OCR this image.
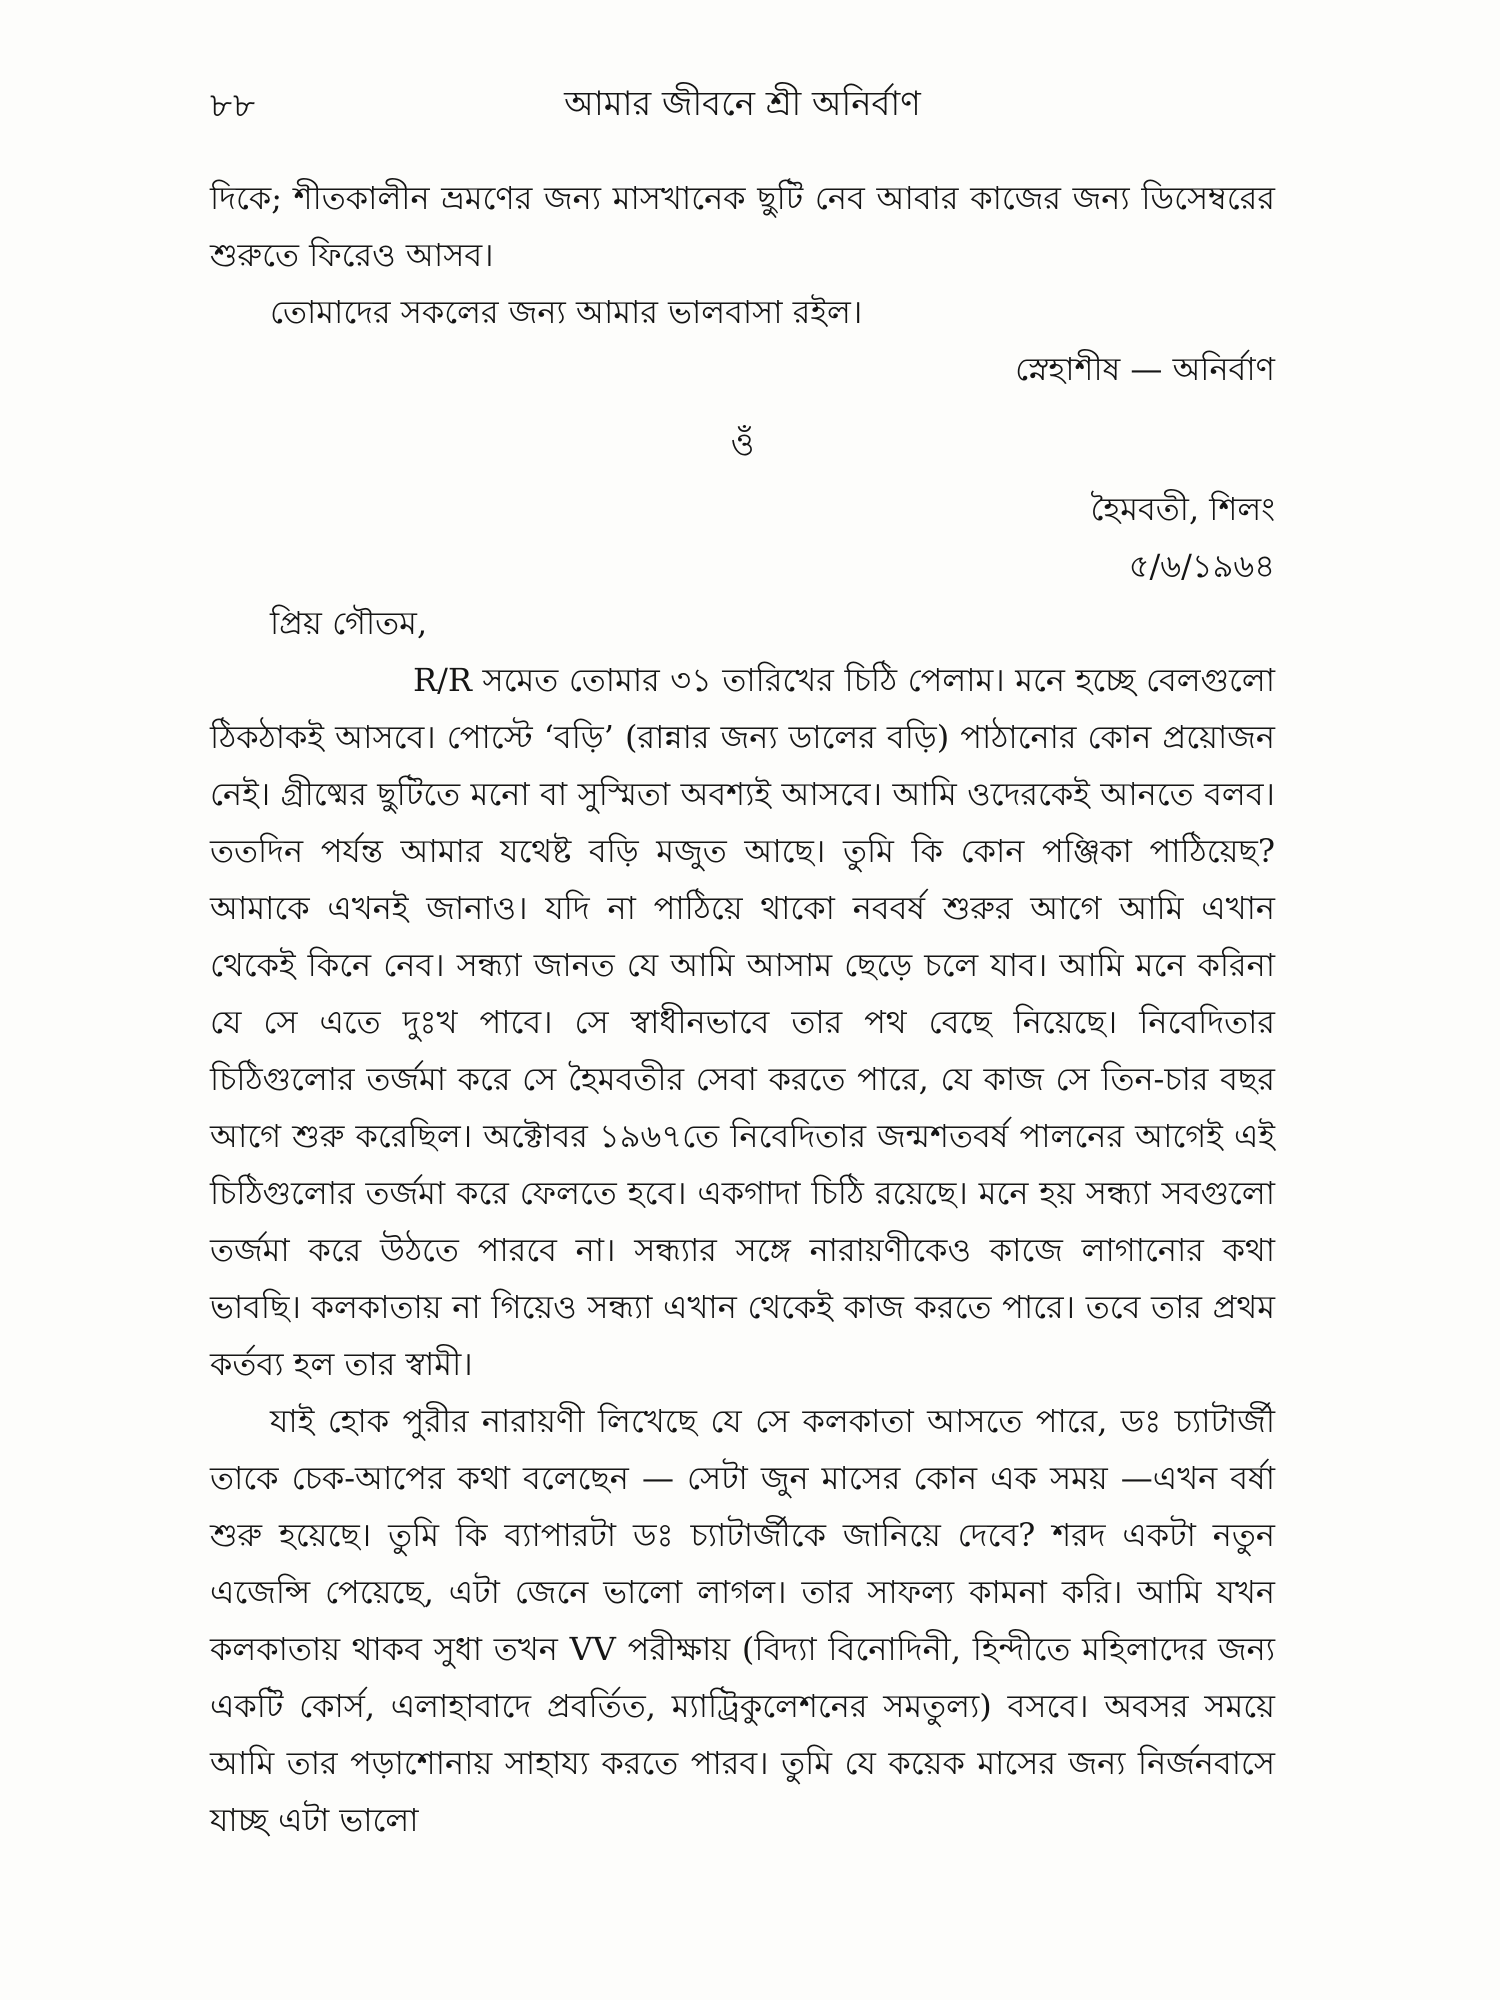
৮৮	আমার জীবনে শ্রী অনির্বাণ

দিকে; শীতকালীন ভ্রমণের জন্য মাসখানেক ছুটি নেব আবার কাজের জন্য ডিসেম্বরের শুরুতে ফিরেও আসব।

তোমাদের সকলের জন্য আমার ভালবাসা রইল।

স্নেহাশীষ — অনির্বাণ

ওঁ

হৈমবতী, শিলং

৫/৬/১৯৬৪

প্রিয় গৌতম,

R/R সমেত তোমার ৩১ তারিখের চিঠি পেলাম। মনে হচ্ছে বেলগুলো ঠিকঠাকই আসবে। পোস্টে ‘বড়ি’ (রান্নার জন্য ডালের বড়ি) পাঠানোর কোন প্রয়োজন নেই। গ্রীষ্মের ছুটিতে মনো বা সুস্মিতা অবশ্যই আসবে। আমি ওদেরকেই আনতে বলব। ততদিন পর্যন্ত আমার যথেষ্ট বড়ি মজুত আছে। তুমি কি কোন পঞ্জিকা পাঠিয়েছ? আমাকে এখনই জানাও। যদি না পাঠিয়ে থাকো নববর্ষ শুরুর আগে আমি এখান থেকেই কিনে নেব। সন্ধ্যা জানত যে আমি আসাম ছেড়ে চলে যাব। আমি মনে করিনা যে সে এতে দুঃখ পাবে। সে স্বাধীনভাবে তার পথ বেছে নিয়েছে। নিবেদিতার চিঠিগুলোর তর্জমা করে সে হৈমবতীর সেবা করতে পারে, যে কাজ সে তিন-চার বছর আগে শুরু করেছিল। অক্টোবর ১৯৬৭তে নিবেদিতার জন্মশতবর্ষ পালনের আগেই এই চিঠিগুলোর তর্জমা করে ফেলতে হবে। একগাদা চিঠি রয়েছে। মনে হয় সন্ধ্যা সবগুলো তর্জমা করে উঠতে পারবে না। সন্ধ্যার সঙ্গে নারায়ণীকেও কাজে লাগানোর কথা ভাবছি। কলকাতায় না গিয়েও সন্ধ্যা এখান থেকেই কাজ করতে পারে। তবে তার প্রথম কর্তব্য হল তার স্বামী।

যাই হোক পুরীর নারায়ণী লিখেছে যে সে কলকাতা আসতে পারে, ডঃ চ্যাটার্জী তাকে চেক-আপের কথা বলেছেন — সেটা জুন মাসের কোন এক সময় —এখন বর্ষা শুরু হয়েছে। তুমি কি ব্যাপারটা ডঃ চ্যাটার্জীকে জানিয়ে দেবে? শরদ একটা নতুন এজেন্সি পেয়েছে, এটা জেনে ভালো লাগল। তার সাফল্য কামনা করি। আমি যখন কলকাতায় থাকব সুধা তখন VV পরীক্ষায় (বিদ্যা বিনোদিনী, হিন্দীতে মহিলাদের জন্য একটি কোর্স, এলাহাবাদে প্রবর্তিত, ম্যাট্রিকুলেশনের সমতুল্য) বসবে। অবসর সময়ে আমি তার পড়াশোনায় সাহায্য করতে পারব। তুমি যে কয়েক মাসের জন্য নির্জনবাসে যাচ্ছ এটা ভালো
